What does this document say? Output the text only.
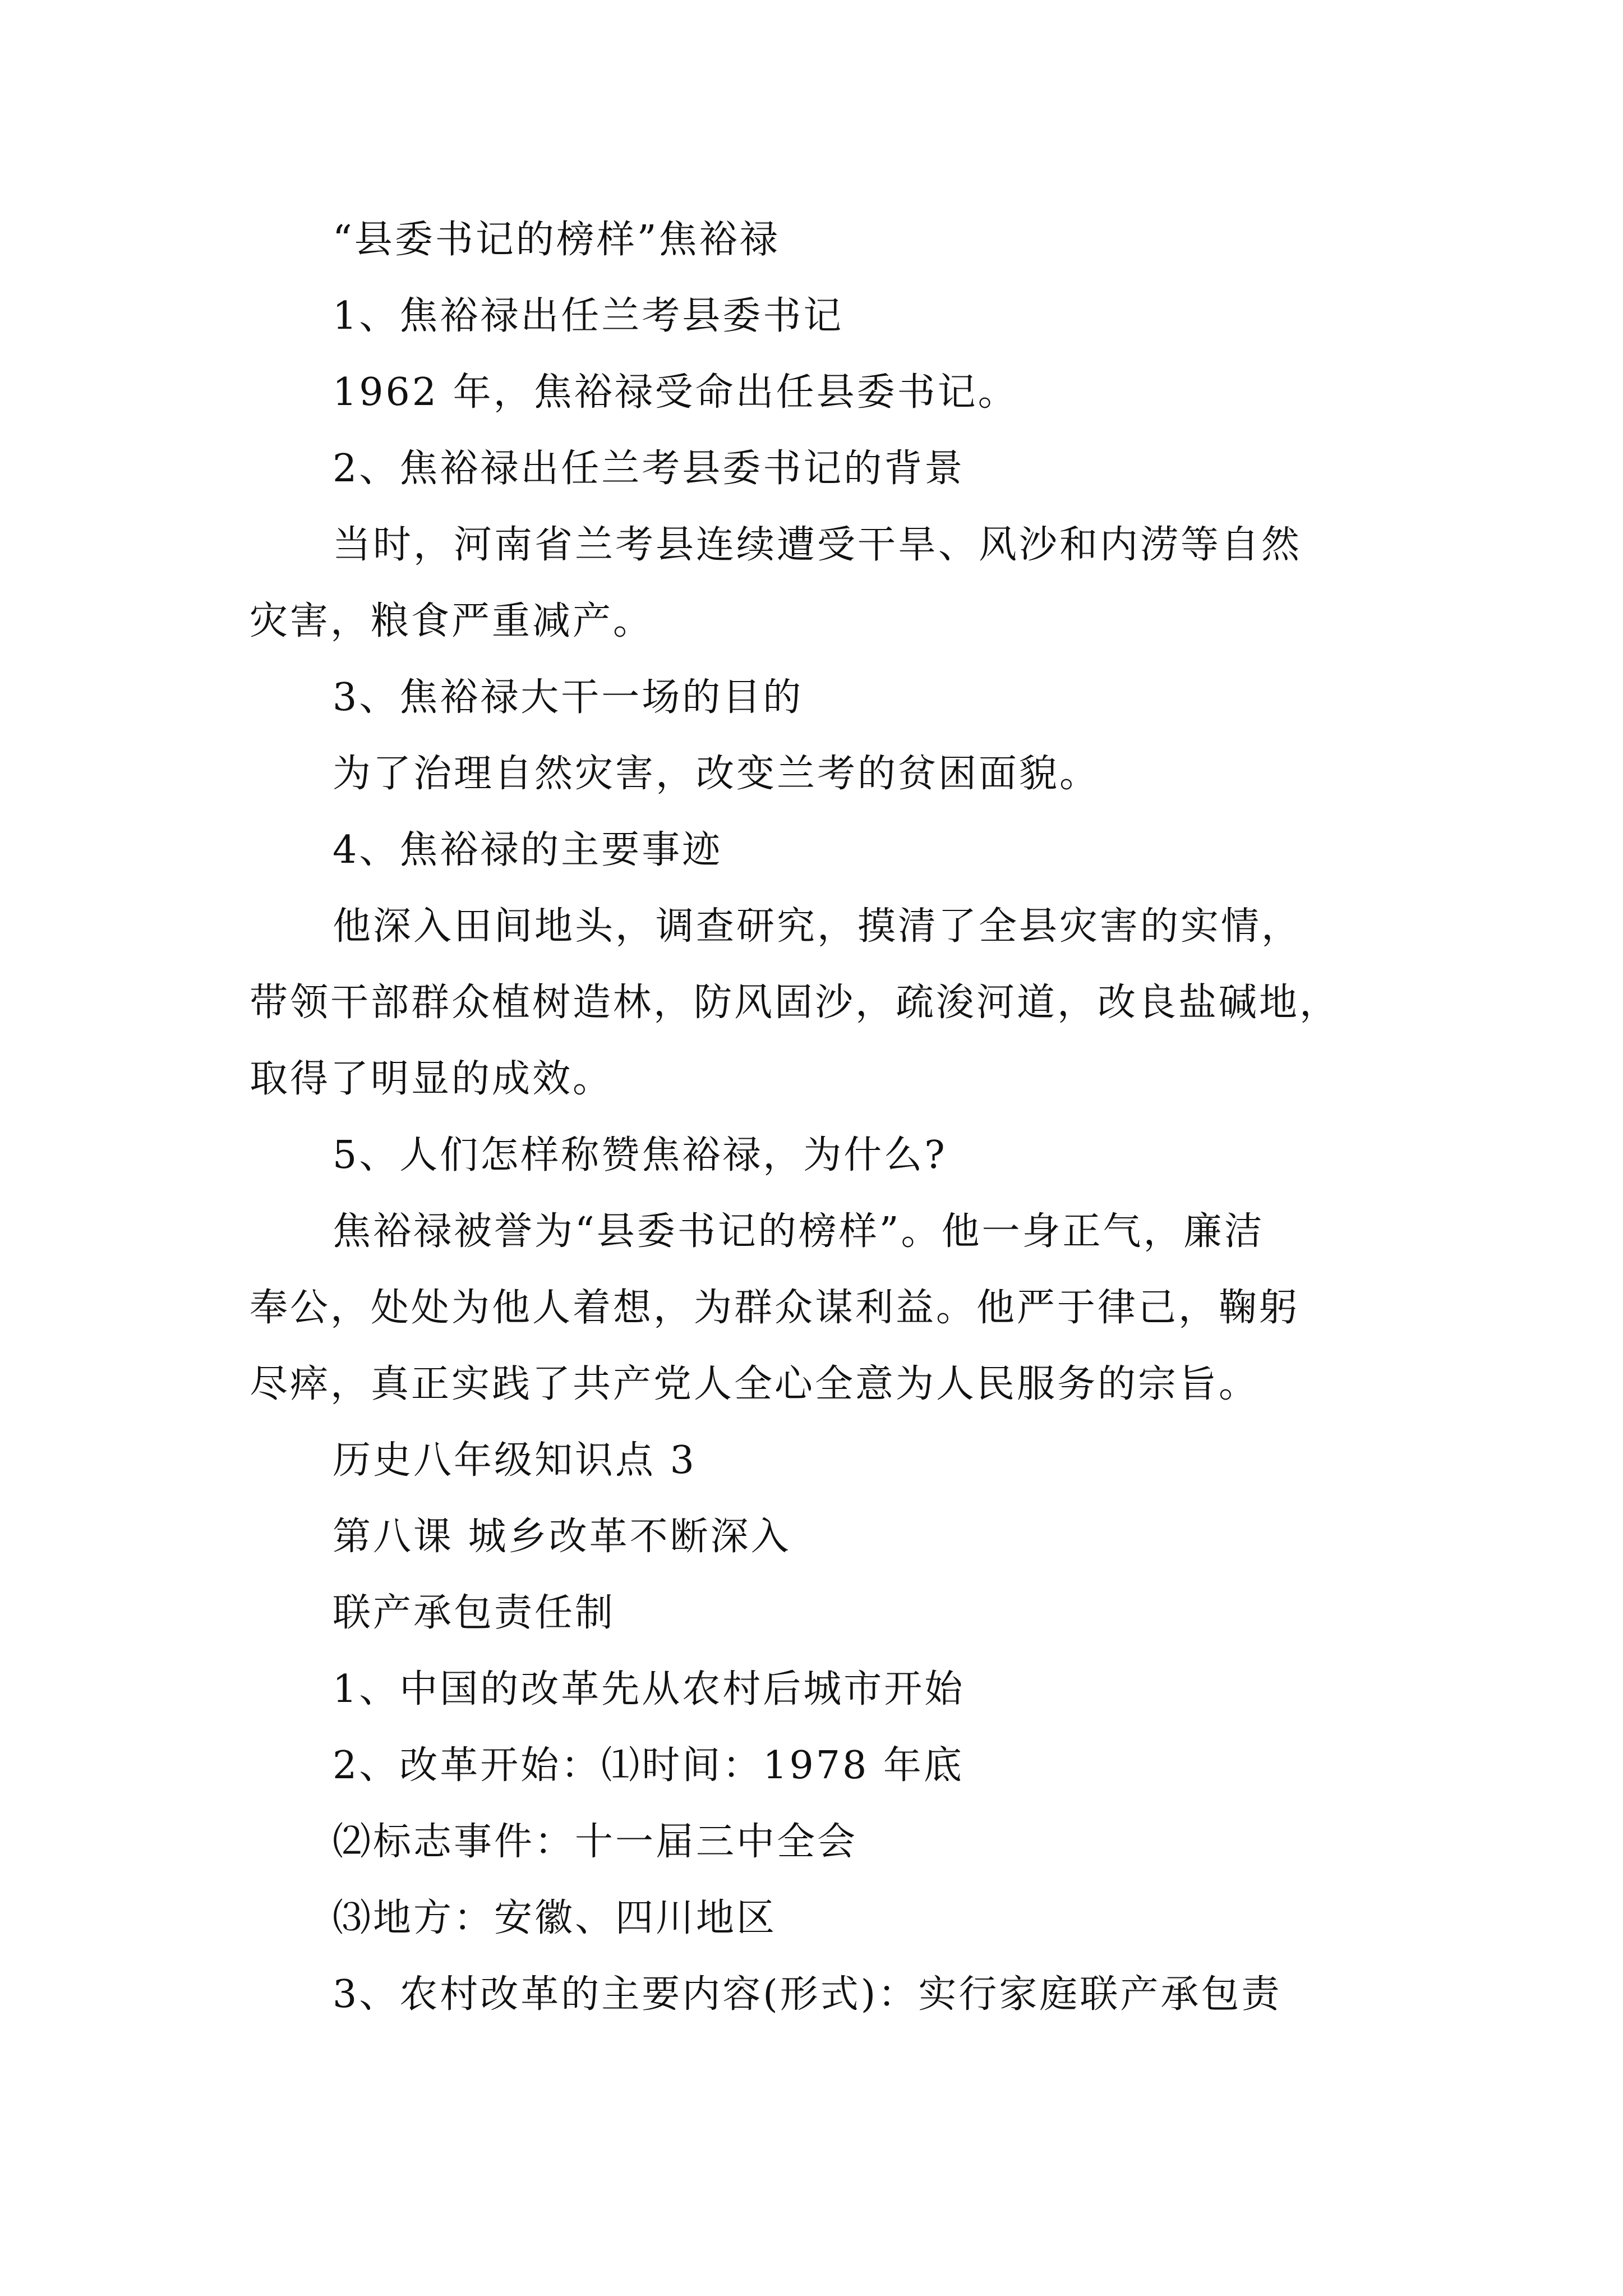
“县委书记的榜样”焦裕禄
1、焦裕禄出任兰考县委书记
1962 年，焦裕禄受命出任县委书记。
2、焦裕禄出任兰考县委书记的背景
当时，河南省兰考县连续遭受干旱、风沙和内涝等自然
灾害，粮食严重减产。
3、焦裕禄大干一场的目的
为了治理自然灾害，改变兰考的贫困面貌。
4、焦裕禄的主要事迹
他深入田间地头，调查研究，摸清了全县灾害的实情，
带领干部群众植树造林，防风固沙，疏浚河道，改良盐碱地，
取得了明显的成效。
5、人们怎样称赞焦裕禄，为什么?
焦裕禄被誉为“县委书记的榜样”。他一身正气，廉洁
奉公，处处为他人着想，为群众谋利益。他严于律己，鞠躬
尽瘁，真正实践了共产党人全心全意为人民服务的宗旨。
历史八年级知识点 3
第八课 城乡改革不断深入
联产承包责任制
1、中国的改革先从农村后城市开始
2、改革开始：⑴时间：1978 年底
⑵标志事件：十一届三中全会
⑶地方：安徽、四川地区
3、农村改革的主要内容(形式)：实行家庭联产承包责
